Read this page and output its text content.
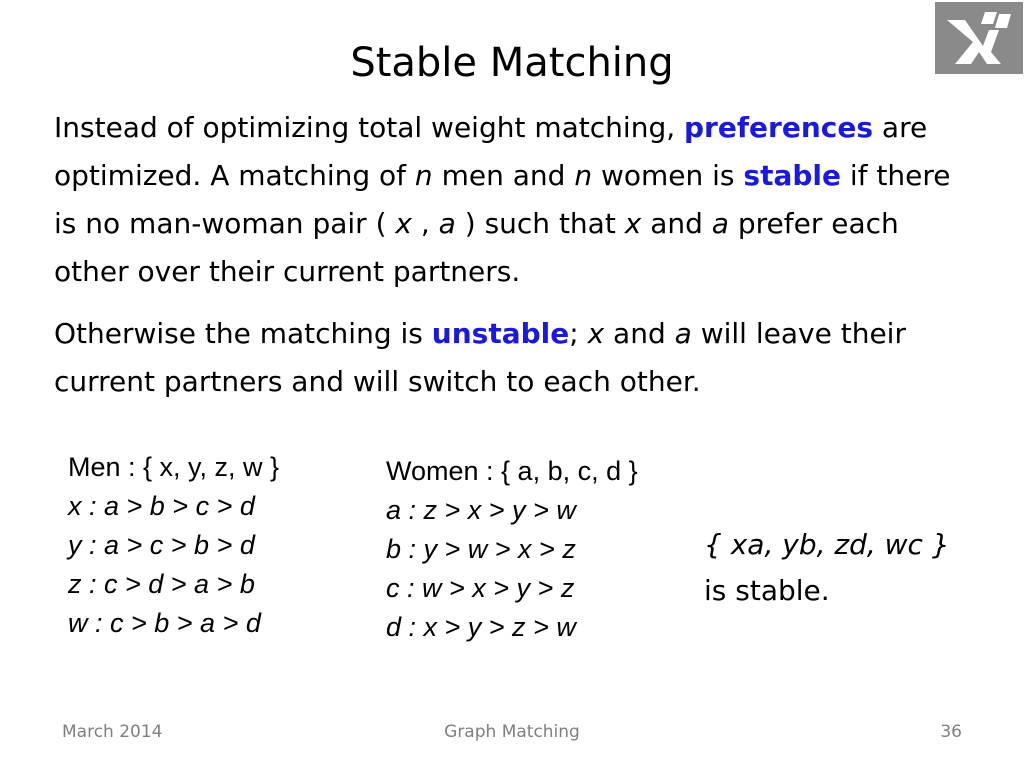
Stable Matching
Instead of optimizing total weight matching, preferences are optimized. A matching of n men and n women is stable if there is no man-woman pair ( x , a ) such that x and a prefer each other over their current partners.
Otherwise the matching is unstable; x and a will leave their current partners and will switch to each other.
Men : { x, y, z, w }
x : a > b > c > d
y : a > c > b > d
z : c > d > a > b
w : c > b > a > d
Women : { a, b, c, d }
a : z > x > y > w
b : y > w > x > z
c : w > x > y > z
d : x > y > z > w
{ xa, yb, zd, wc }
is stable.
March 2014	Graph Matching	36
